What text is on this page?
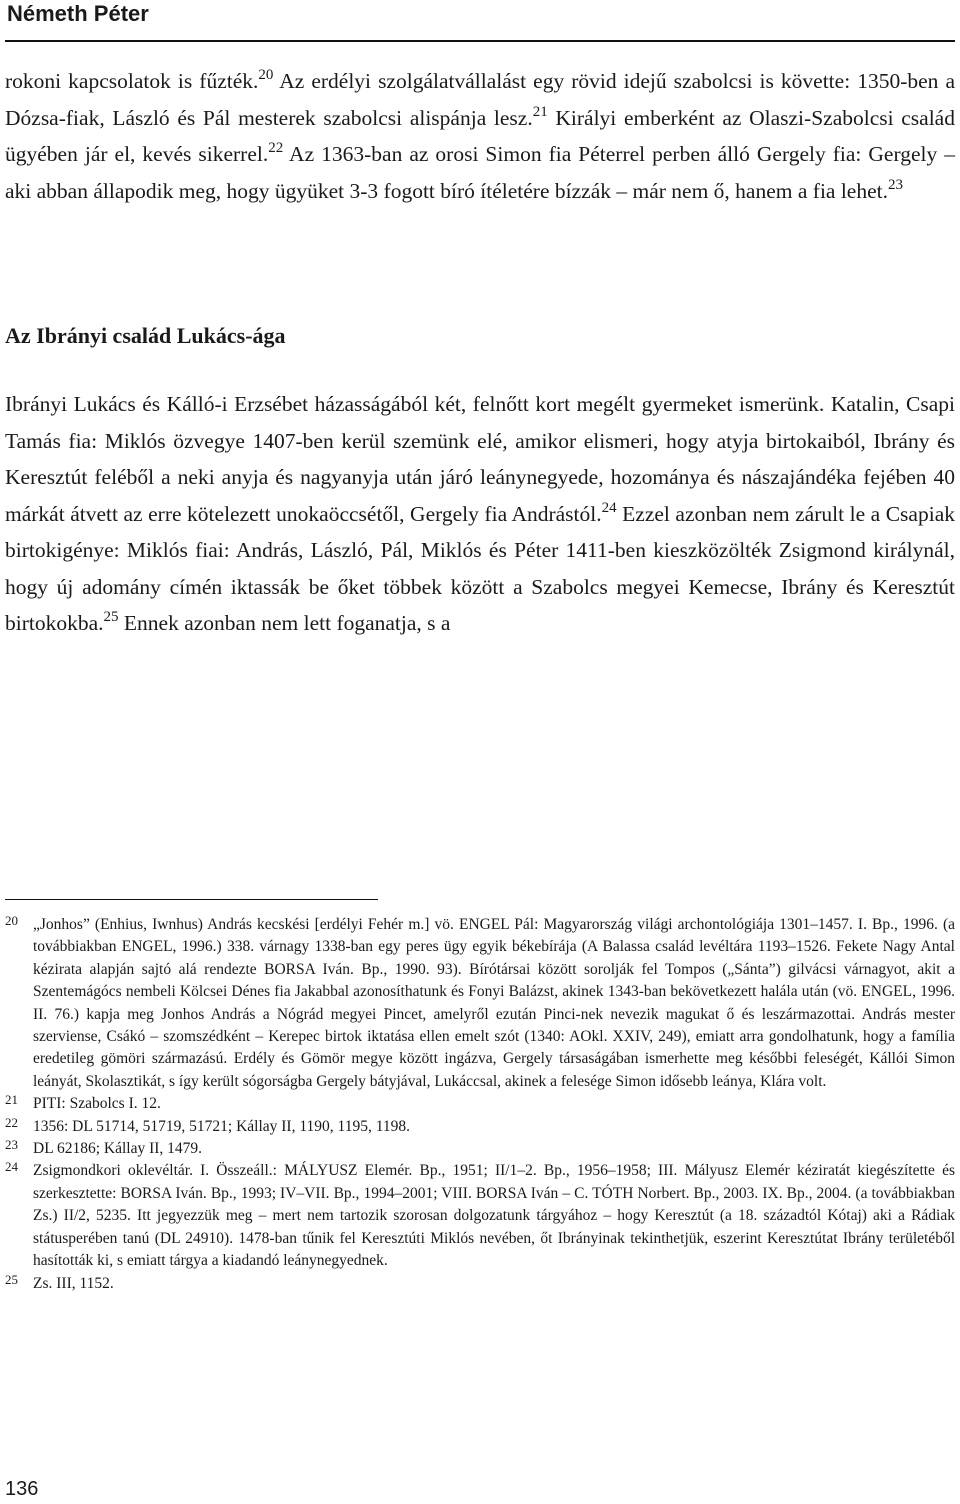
Németh Péter
rokoni kapcsolatok is fűzték.$^{20}$ Az erdélyi szolgálatvállalást egy rövid idejű szabolcsi is követte: 1350-ben a Dózsa-fiak, László és Pál mesterek szabolcsi alispánja lesz.$^{21}$ Királyi emberként az Olaszi-Szabolcsi család ügyében jár el, kevés sikerrel.$^{22}$ Az 1363-ban az orosi Simon fia Péterrel perben álló Gergely fia: Gergely – aki abban állapodik meg, hogy ügyüket 3-3 fogott bíró ítéletére bízzák – már nem ő, hanem a fia lehet.$^{23}$
Az Ibrányi család Lukács-ága
Ibrányi Lukács és Kálló-i Erzsébet házasságából két, felnőtt kort megélt gyermeket ismerünk. Katalin, Csapi Tamás fia: Miklós özvegye 1407-ben kerül szemünk elé, amikor elismeri, hogy atyja birtokaiból, Ibrány és Keresztút feléből a neki anyja és nagyanyja után járó leánynegyede, hozománya és nászajándéka fejében 40 márkát átvett az erre kötelezett unokaöccsétől, Gergely fia Andrástól.$^{24}$ Ezzel azonban nem zárult le a Csapiak birtokigénye: Miklós fiai: András, László, Pál, Miklós és Péter 1411-ben kieszközölték Zsigmond királynál, hogy új adomány címén iktassák be őket többek között a Szabolcs megyei Kemecse, Ibrány és Keresztút birtokokba.$^{25}$ Ennek azonban nem lett foganatja, s a
20 „Jonhos” (Enhius, Iwnhus) András kecskési [erdélyi Fehér m.] vö. ENGEL Pál: Magyarország világi archontológiája 1301–1457. I. Bp., 1996. (a továbbiakban ENGEL, 1996.) 338. várnagy 1338-ban egy peres ügy egyik békebírája (A Balassa család levéltára 1193–1526. Fekete Nagy Antal kézirata alapján sajtó alá rendezte BORSA Iván. Bp., 1990. 93). Bírótársai között sorolják fel Tompos („Sánta”) gilvácsi várnagyot, akit a Szentemágócs nembeli Kölcsei Dénes fia Jakabbal azonosíthatunk és Fonyi Balázst, akinek 1343-ban bekövetkezett halála után (vö. ENGEL, 1996. II. 76.) kapja meg Jonhos András a Nógrád megyei Pincet, amelyről ezután Pinci-nek nevezik magukat ő és leszármazottai. András mester szerviense, Csákó – szomszédként – Kerepec birtok iktatása ellen emelt szót (1340: AOkl. XXIV, 249), emiatt arra gondolhatunk, hogy a família eredetileg gömöri származású. Erdély és Gömör megye között ingázva, Gergely társaságában ismerhette meg későbbi feleségét, Kállói Simon leányát, Skolasztikát, s így került sógorságba Gergely bátyjával, Lukáccsal, akinek a felesége Simon idősebb leánya, Klára volt.
21 PITI: Szabolcs I. 12.
22 1356: DL 51714, 51719, 51721; Kállay II, 1190, 1195, 1198.
23 DL 62186; Kállay II, 1479.
24 Zsigmondkori oklevéltár. I. Összeáll.: MÁLYUSZ Elemér. Bp., 1951; II/1–2. Bp., 1956–1958; III. Mályusz Elemér kéziratát kiegészítette és szerkesztette: BORSA Iván. Bp., 1993; IV–VII. Bp., 1994–2001; VIII. BORSA Iván – C. TÓTH Norbert. Bp., 2003. IX. Bp., 2004. (a továbbiakban Zs.) II/2, 5235. Itt jegyezzük meg – mert nem tartozik szorosan dolgozatunk tárgyához – hogy Keresztút (a 18. századtól Kótaj) aki a Rádiak státusperében tanú (DL 24910). 1478-ban tűnik fel Keresztúti Miklós nevében, őt Ibrányinak tekinthetjük, eszerint Keresztútat Ibrány területéből hasították ki, s emiatt tárgya a kiadandó leánynegyednek.
25 Zs. III, 1152.
136
